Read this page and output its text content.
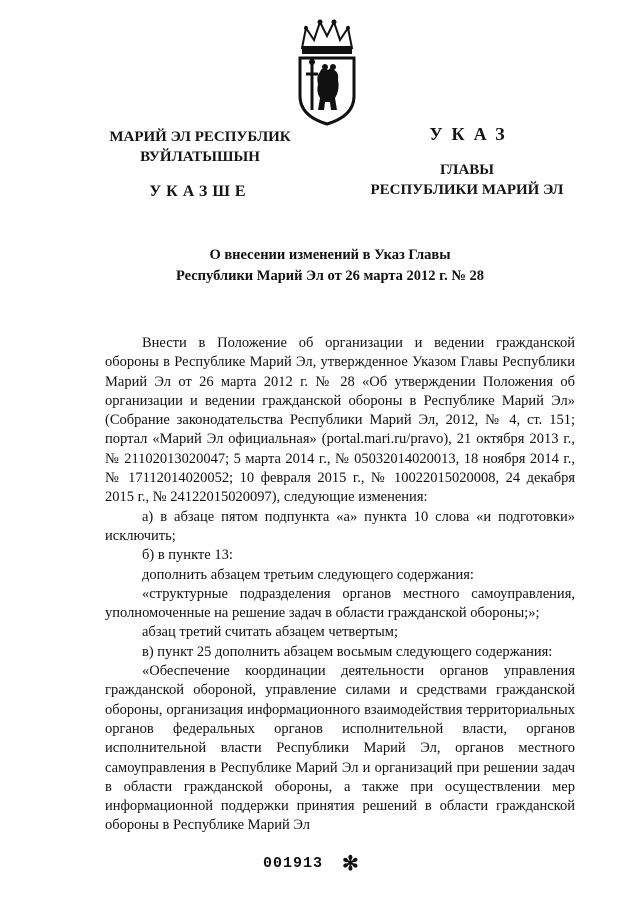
МАРИЙ ЭЛ РЕСПУБЛИК
ВУЙЛАТЫШЫН
УКАЗШЕ
УКАЗ
ГЛАВЫ
РЕСПУБЛИКИ МАРИЙ ЭЛ
О внесении изменений в Указ Главы
Республики Марий Эл от 26 марта 2012 г. № 28
Внести в Положение об организации и ведении гражданской обороны в Республике Марий Эл, утвержденное Указом Главы Республики Марий Эл от 26 марта 2012 г. № 28 «Об утверждении Положения об организации и ведении гражданской обороны в Республике Марий Эл» (Собрание законодательства Республики Марий Эл, 2012, № 4, ст. 151; портал «Марий Эл официальная» (portal.mari.ru/pravo), 21 октября 2013 г., № 21102013020047; 5 марта 2014 г., № 05032014020013, 18 ноября 2014 г., № 17112014020052; 10 февраля 2015 г., № 10022015020008, 24 декабря 2015 г., № 24122015020097), следующие изменения:
а) в абзаце пятом подпункта «а» пункта 10 слова «и подготовки» исключить;
б) в пункте 13:
дополнить абзацем третьим следующего содержания:
«структурные подразделения органов местного самоуправления, уполномоченные на решение задач в области гражданской обороны;»;
абзац третий считать абзацем четвертым;
в) пункт 25 дополнить абзацем восьмым следующего содержания:
«Обеспечение координации деятельности органов управления гражданской обороной, управление силами и средствами гражданской обороны, организация информационного взаимодействия территориальных органов федеральных органов исполнительной власти, органов исполнительной власти Республики Марий Эл, органов местного самоуправления в Республике Марий Эл и организаций при решении задач в области гражданской обороны, а также при осуществлении мер информационной поддержки принятия решений в области гражданской обороны в Республике Марий Эл
001913 ✻
